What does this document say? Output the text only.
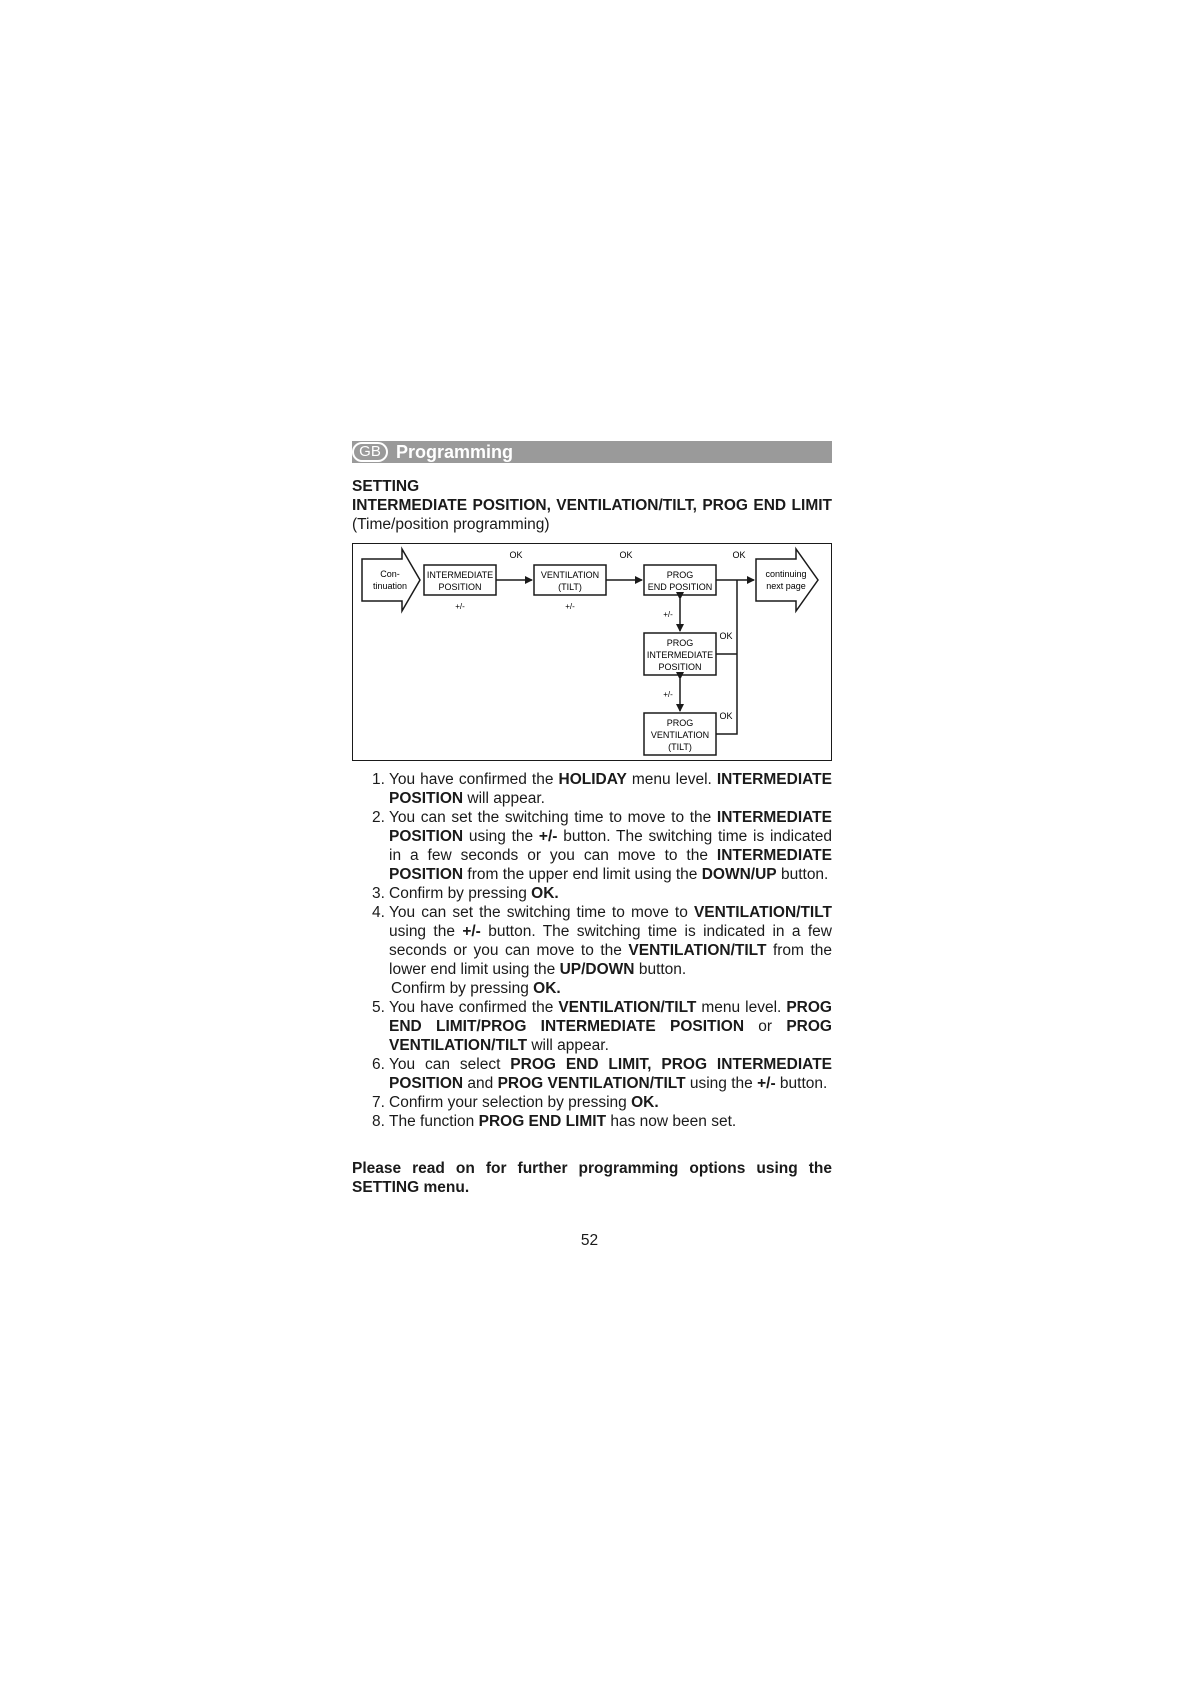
GB Programming
SETTING
INTERMEDIATE POSITION, VENTILATION/TILT, PROG END LIMIT
(Time/position programming)
Con-
tinuation
INTERMEDIATE
POSITION
+/-
OK
VENTILATION
(TILT)
+/-
OK
PROG
END POSITION
OK
continuing
next page
+/-
PROG
INTERMEDIATE
POSITION
OK
+/-
PROG
VENTILATION
(TILT)
OK
1. You have confirmed the HOLIDAY menu level. INTERMEDIATE POSITION will appear.
2. You can set the switching time to move to the INTERMEDIATE POSITION using the +/- button. The switching time is indicated in a few seconds or you can move to the INTERMEDIATE POSITION from the upper end limit using the DOWN/UP button.
3. Confirm by pressing OK.
4. You can set the switching time to move to VENTILATION/TILT using the +/- button. The switching time is indicated in a few seconds or you can move to the VENTILATION/TILT from the lower end limit using the UP/DOWN button.
Confirm by pressing OK.
5. You have confirmed the VENTILATION/TILT menu level. PROG END LIMIT/PROG INTERMEDIATE POSITION or PROG VENTILATION/TILT will appear.
6. You can select PROG END LIMIT, PROG INTERMEDIATE POSITION and PROG VENTILATION/TILT using the +/- button.
7. Confirm your selection by pressing OK.
8. The function PROG END LIMIT has now been set.
Please read on for further programming options using the SETTING menu.
52
